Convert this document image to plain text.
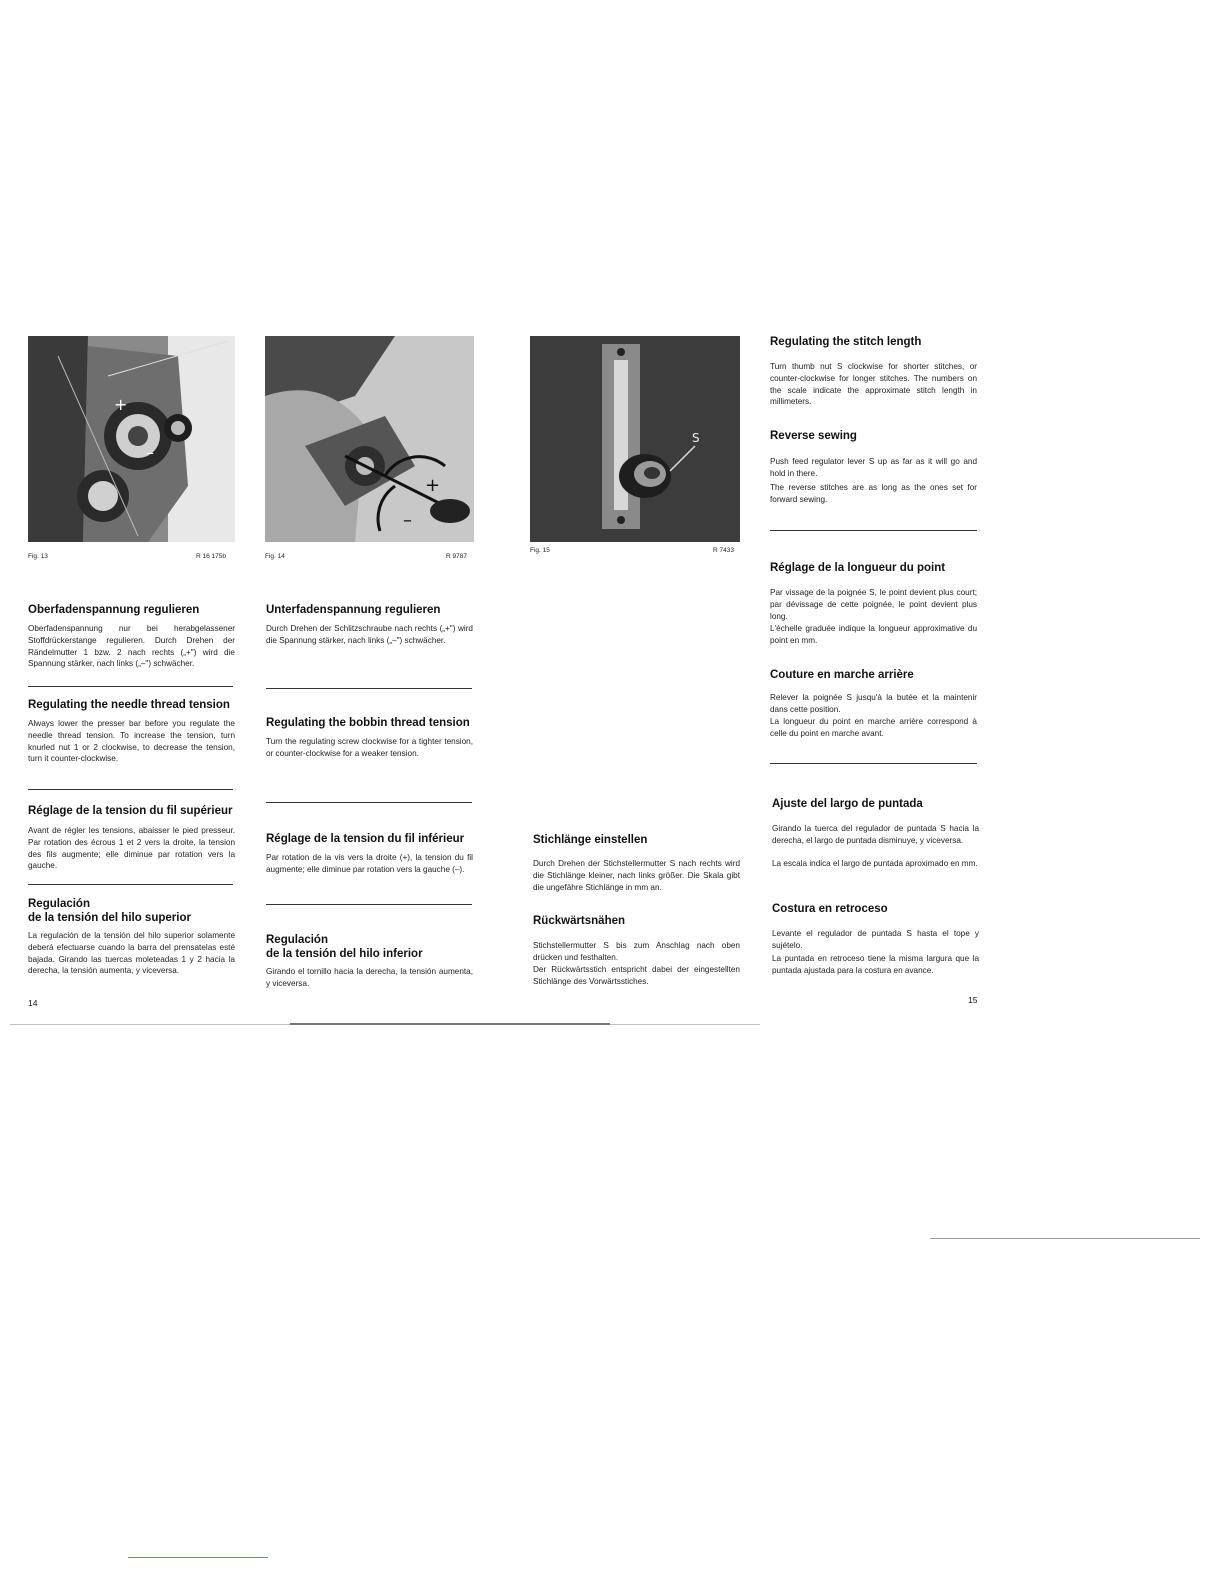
+
–
Fig. 13	R 16 175b
Oberfadenspannung regulieren

Oberfadenspannung nur bei herabgelassener Stoffdrückerstange regulieren. Durch Drehen der Rändelmutter 1 bzw. 2 nach rechts („+") wird die Spannung stärker, nach links („–") schwächer.

Regulating the needle thread tension

Always lower the presser bar before you regulate the needle thread tension. To increase the tension, turn knurled nut 1 or 2 clockwise, to decrease the tension, turn it counter-clockwise.

Réglage de la tension du fil supérieur

Avant de régler les tensions, abaisser le pied presseur. Par rotation des écrous 1 et 2 vers la droite, la tension des fils augmente; elle diminue par rotation vers la gauche.

Regulación
de la tensión del hilo superior

La regulación de la tensión del hilo superior solamente deberá efectuarse cuando la barra del prensatelas esté bajada. Girando las tuercas moleteadas 1 y 2 hacia la derecha, la tensión aumenta, y viceversa.

14
+
–
Fig. 14	R 9787
Unterfadenspannung regulieren

Durch Drehen der Schlitzschraube nach rechts („+") wird die Spannung stärker, nach links („–") schwächer.

Regulating the bobbin thread tension

Turn the regulating screw clockwise for a tighter tension, or counter-clockwise for a weaker tension.

Réglage de la tension du fil inférieur

Par rotation de la vis vers la droite (+), la tension du fil augmente; elle diminue par rotation vers la gauche (–).

Regulación
de la tensión del hilo inferior

Girando el tornillo hacia la derecha, la tensión aumenta, y viceversa.

S
Fig. 15	R 7433
Stichlänge einstellen

Durch Drehen der Stichstellermutter S nach rechts wird die Stichlänge kleiner, nach links größer. Die Skala gibt die ungefähre Stichlänge in mm an.

Rückwärtsnähen

Stichstellermutter S bis zum Anschlag nach oben drücken und festhalten.

Der Rückwärtsstich entspricht dabei der eingestellten Stichlänge des Vorwärtsstiches.

Regulating the stitch length

Turn thumb nut S clockwise for shorter stitches, or counter-clockwise for longer stitches. The numbers on the scale indicate the approximate stitch length in millimeters.

Reverse sewing

Push feed regulator lever S up as far as it will go and hold in there.

The reverse stitches are as long as the ones set for forward sewing.

Réglage de la longueur du point

Par vissage de la poignée S, le point devient plus court; par dévissage de cette poignée, le point devient plus long.

L'échelle graduée indique la longueur approximative du point en mm.

Couture en marche arrière

Relever la poignée S jusqu'à la butée et la maintenir dans cette position.

La longueur du point en marche arrière correspond à celle du point en marche avant.

Ajuste del largo de puntada

Girando la tuerca del regulador de puntada S hacia la derecha, el largo de puntada disminuye, y viceversa.

La escala indica el largo de puntada aproximado en mm.

Costura en retroceso

Levante el regulador de puntada S hasta el tope y sujételo.

La puntada en retroceso tiene la misma largura que la puntada ajustada para la costura en avance.

15
